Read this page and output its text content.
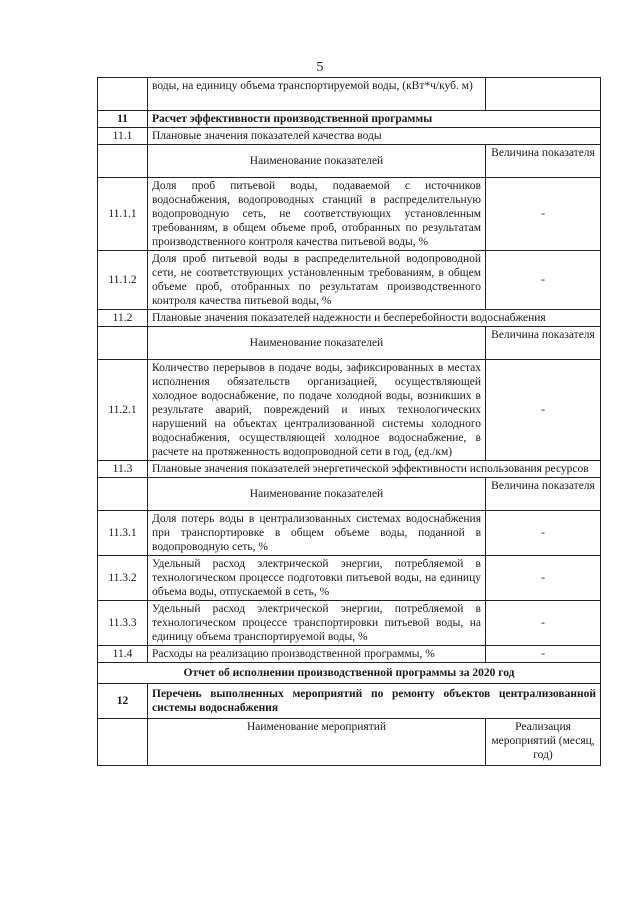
5
	воды, на единицу объема транспортируемой воды, (кВт*ч/куб. м)	
11	Расчет эффективности производственной программы	
11.1	Плановые значения показателей качества воды	
	Наименование показателей	Величина показателя
11.1.1	Доля проб питьевой воды, подаваемой с источников водоснабжения, водопроводных станций в распределительную водопроводную сеть, не соответствующих установленным требованиям, в общем объеме проб, отобранных по результатам производственного контроля качества питьевой воды, %	-
11.1.2	Доля проб питьевой воды в распределительной водопроводной сети, не соответствующих установленным требованиям, в общем объеме проб, отобранных по результатам производственного контроля качества питьевой воды, %	-
11.2	Плановые значения показателей надежности и бесперебойности водоснабжения	
	Наименование показателей	Величина показателя
11.2.1	Количество перерывов в подаче воды, зафиксированных в местах исполнения обязательств организацией, осуществляющей холодное водоснабжение, по подаче холодной воды, возникших в результате аварий, повреждений и иных технологических нарушений на объектах централизованной системы холодного водоснабжения, осуществляющей холодное водоснабжение, в расчете на протяженность водопроводной сети в год, (ед./км)	-
11.3	Плановые значения показателей энергетической эффективности использования ресурсов	
	Наименование показателей	Величина показателя
11.3.1	Доля потерь воды в централизованных системах водоснабжения при транспортировке в общем объеме воды, поданной в водопроводную сеть, %	-
11.3.2	Удельный расход электрической энергии, потребляемой в технологическом процессе подготовки питьевой воды, на единицу объема воды, отпускаемой в сеть, %	-
11.3.3	Удельный расход электрической энергии, потребляемой в технологическом процессе транспортировки питьевой воды, на единицу объема транспортируемой воды, %	-
11.4	Расходы на реализацию производственной программы, %	-
Отчет об исполнении производственной программы за 2020 год		
12	Перечень выполненных мероприятий по ремонту объектов централизованной системы водоснабжения	
	Наименование мероприятий	Реализация мероприятий (месяц, год)
